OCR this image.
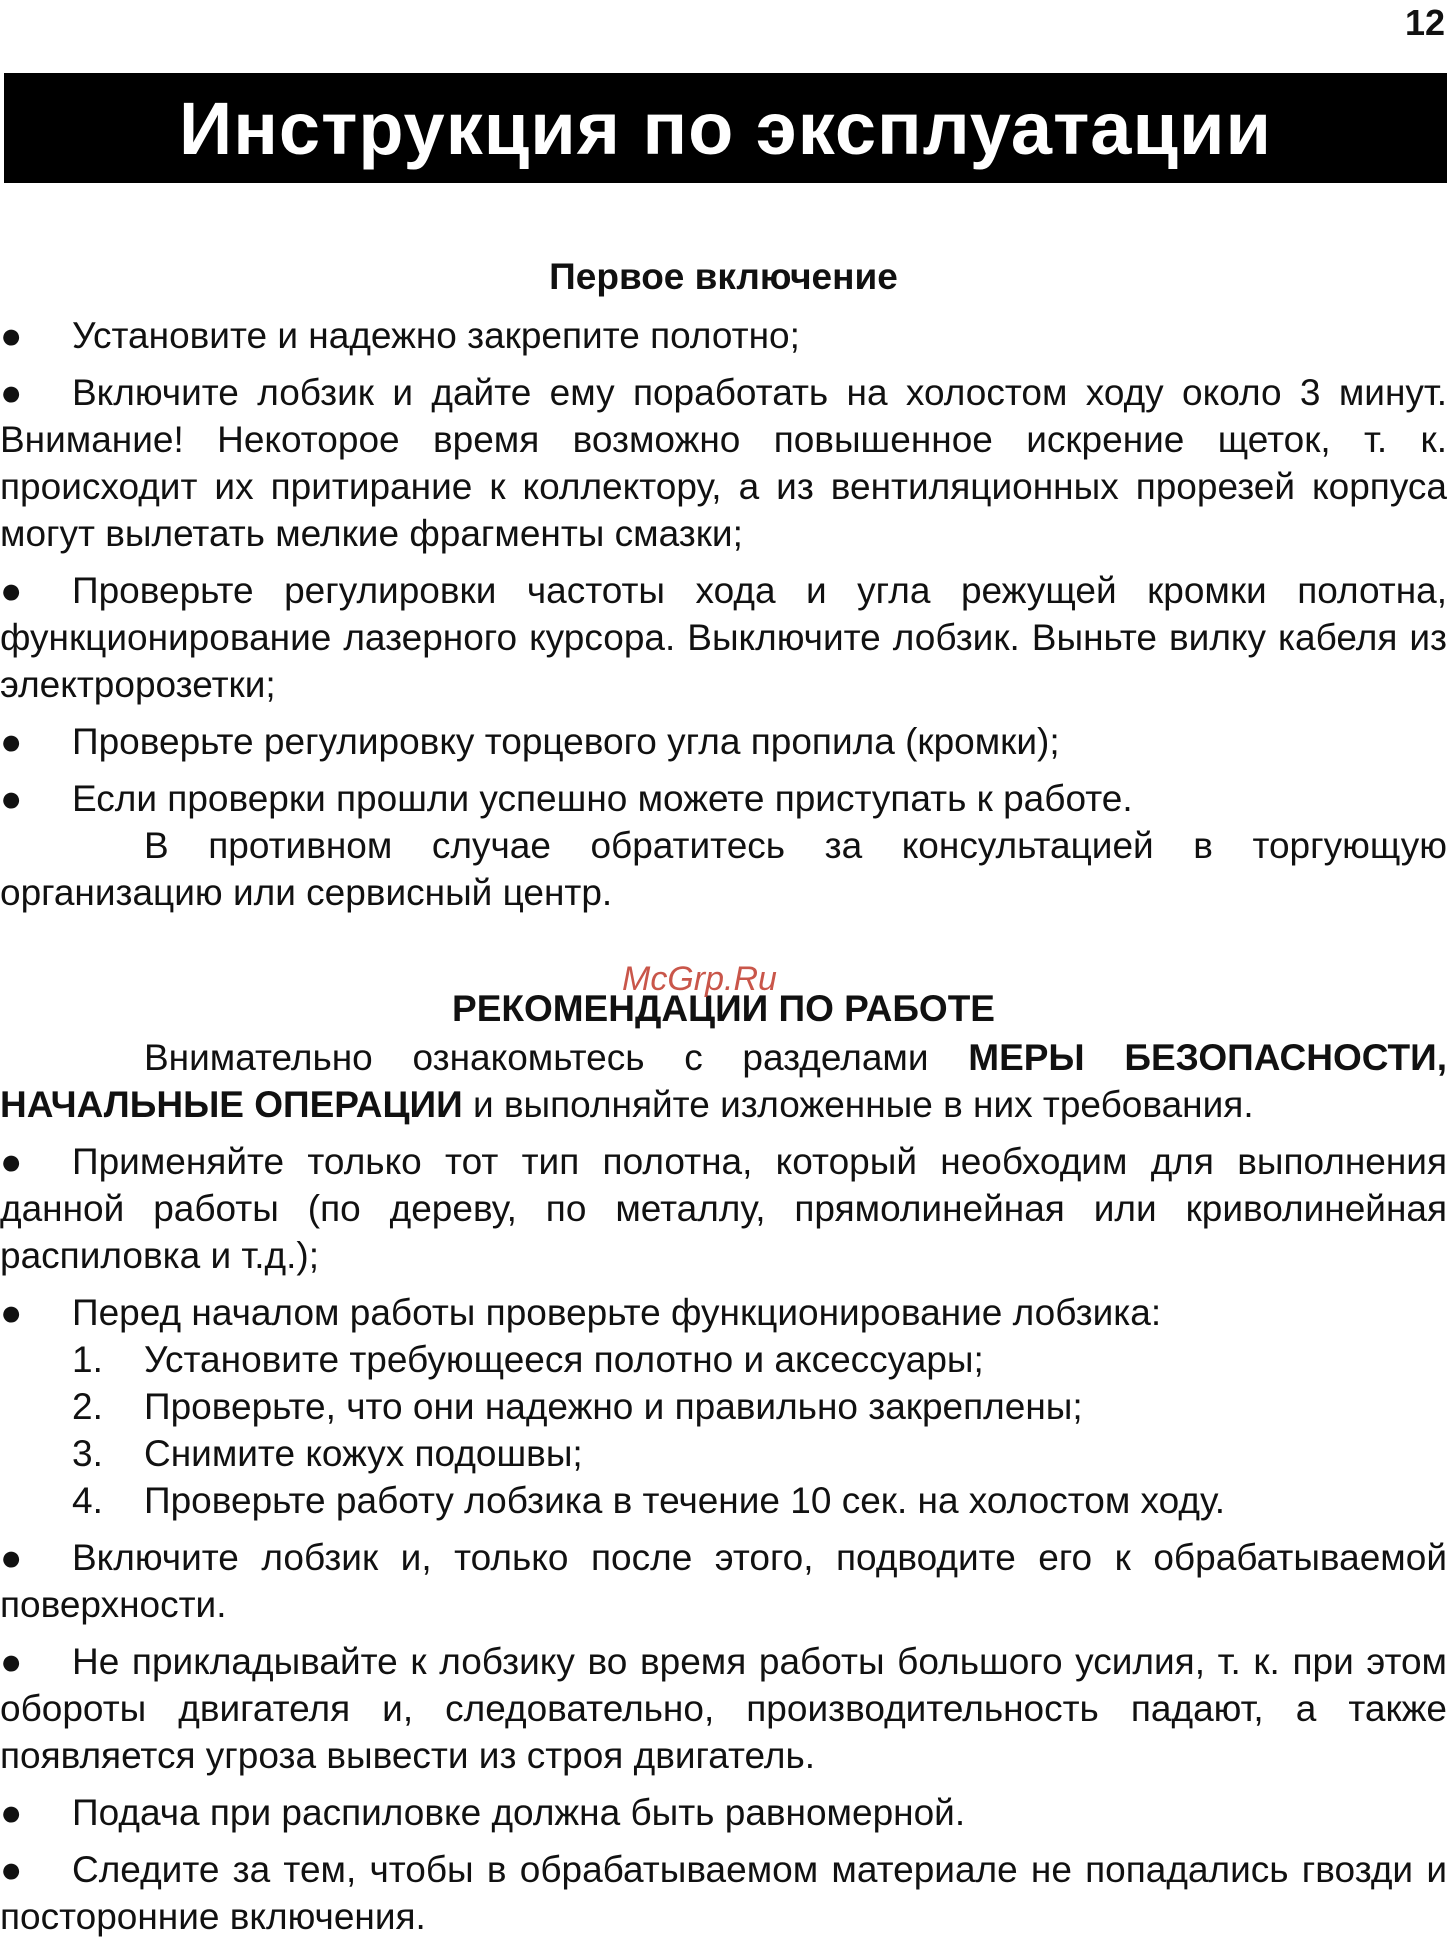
12
Инструкция по эксплуатации
Первое включение

● Установите и надежно закрепите полотно;

● Включите лобзик и дайте ему поработать на холостом ходу около 3 минут. Внимание! Некоторое время возможно повышенное искрение щеток, т. к. происходит их притирание к коллектору, а из вентиляционных прорезей корпуса могут вылетать мелкие фрагменты смазки;

● Проверьте регулировки частоты хода и угла режущей кромки полотна, функционирование лазерного курсора. Выключите лобзик. Выньте вилку кабеля из электророзетки;

● Проверьте регулировку торцевого угла пропила (кромки);

● Если проверки прошли успешно можете приступать к работе.

В противном случае обратитесь за консультацией в торгующую организацию или сервисный центр.

McGrp.Ru
РЕКОМЕНДАЦИИ ПО РАБОТЕ

Внимательно ознакомьтесь с разделами МЕРЫ БЕЗОПАСНОСТИ, НАЧАЛЬНЫЕ ОПЕРАЦИИ и выполняйте изложенные в них требования.

● Применяйте только тот тип полотна, который необходим для выполнения данной работы (по дереву, по металлу, прямолинейная или криволинейная распиловка и т.д.);

● Перед началом работы проверьте функционирование лобзика:

1. Установите требующееся полотно и аксессуары;

2. Проверьте, что они надежно и правильно закреплены;

3. Снимите кожух подошвы;

4. Проверьте работу лобзика в течение 10 сек. на холостом ходу.

● Включите лобзик и, только после этого, подводите его к обрабатываемой поверхности.

● Не прикладывайте к лобзику во время работы большого усилия, т. к. при этом обороты двигателя и, следовательно, производительность падают, а также появляется угроза вывести из строя двигатель.

● Подача при распиловке должна быть равномерной.

● Следите за тем, чтобы в обрабатываемом материале не попадались гвозди и посторонние включения.
